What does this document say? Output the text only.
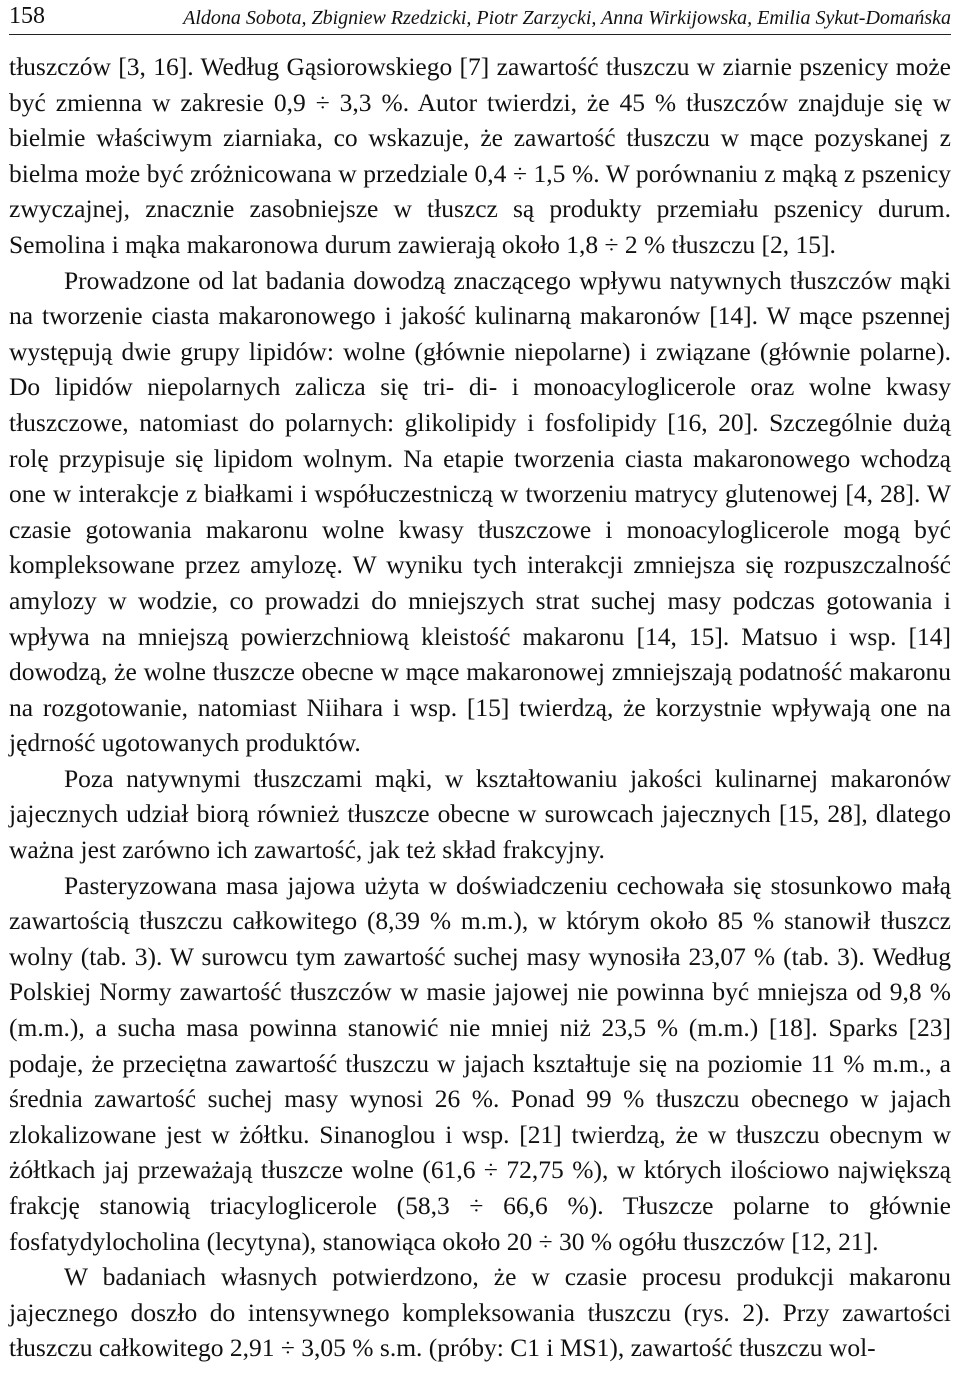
158	Aldona Sobota, Zbigniew Rzedzicki, Piotr Zarzycki, Anna Wirkijowska, Emilia Sykut-Domańska

tłuszczów [3, 16]. Według Gąsiorowskiego [7] zawartość tłuszczu w ziarnie pszenicy może być zmienna w zakresie 0,9 ÷ 3,3 %. Autor twierdzi, że 45 % tłuszczów znajduje się w bielmie właściwym ziarniaka, co wskazuje, że zawartość tłuszczu w mące pozyskanej z bielma może być zróżnicowana w przedziale 0,4 ÷ 1,5 %. W porównaniu z mąką z pszenicy zwyczajnej, znacznie zasobniejsze w tłuszcz są produkty przemiału pszenicy durum. Semolina i mąka makaronowa durum zawierają około 1,8 ÷ 2 % tłuszczu [2, 15].

Prowadzone od lat badania dowodzą znaczącego wpływu natywnych tłuszczów mąki na tworzenie ciasta makaronowego i jakość kulinarną makaronów [14]. W mące pszennej występują dwie grupy lipidów: wolne (głównie niepolarne) i związane (głównie polarne). Do lipidów niepolarnych zalicza się tri- di- i monoacyloglicerole oraz wolne kwasy tłuszczowe, natomiast do polarnych: glikolipidy i fosfolipidy [16, 20]. Szczególnie dużą rolę przypisuje się lipidom wolnym. Na etapie tworzenia ciasta makaronowego wchodzą one w interakcje z białkami i współuczestniczą w tworzeniu matrycy glutenowej [4, 28]. W czasie gotowania makaronu wolne kwasy tłuszczowe i monoacyloglicerole mogą być kompleksowane przez amylozę. W wyniku tych interakcji zmniejsza się rozpuszczalność amylozy w wodzie, co prowadzi do mniejszych strat suchej masy podczas gotowania i wpływa na mniejszą powierzchniową kleistość makaronu [14, 15]. Matsuo i wsp. [14] dowodzą, że wolne tłuszcze obecne w mące makaronowej zmniejszają podatność makaronu na rozgotowanie, natomiast Niihara i wsp. [15] twierdzą, że korzystnie wpływają one na jędrność ugotowanych produktów.

Poza natywnymi tłuszczami mąki, w kształtowaniu jakości kulinarnej makaronów jajecznych udział biorą również tłuszcze obecne w surowcach jajecznych [15, 28], dlatego ważna jest zarówno ich zawartość, jak też skład frakcyjny.

Pasteryzowana masa jajowa użyta w doświadczeniu cechowała się stosunkowo małą zawartością tłuszczu całkowitego (8,39 % m.m.), w którym około 85 % stanowił tłuszcz wolny (tab. 3). W surowcu tym zawartość suchej masy wynosiła 23,07 % (tab. 3). Według Polskiej Normy zawartość tłuszczów w masie jajowej nie powinna być mniejsza od 9,8 % (m.m.), a sucha masa powinna stanowić nie mniej niż 23,5 % (m.m.) [18]. Sparks [23] podaje, że przeciętna zawartość tłuszczu w jajach kształtuje się na poziomie 11 % m.m., a średnia zawartość suchej masy wynosi 26 %. Ponad 99 % tłuszczu obecnego w jajach zlokalizowane jest w żółtku. Sinanoglou i wsp. [21] twierdzą, że w tłuszczu obecnym w żółtkach jaj przeważają tłuszcze wolne (61,6 ÷ 72,75 %), w których ilościowo największą frakcję stanowią triacyloglicerole (58,3 ÷ 66,6 %). Tłuszcze polarne to głównie fosfatydylocholina (lecytyna), stanowiąca około 20 ÷ 30 % ogółu tłuszczów [12, 21].

W badaniach własnych potwierdzono, że w czasie procesu produkcji makaronu jajecznego doszło do intensywnego kompleksowania tłuszczu (rys. 2). Przy zawartości tłuszczu całkowitego 2,91 ÷ 3,05 % s.m. (próby: C1 i MS1), zawartość tłuszczu wol-
